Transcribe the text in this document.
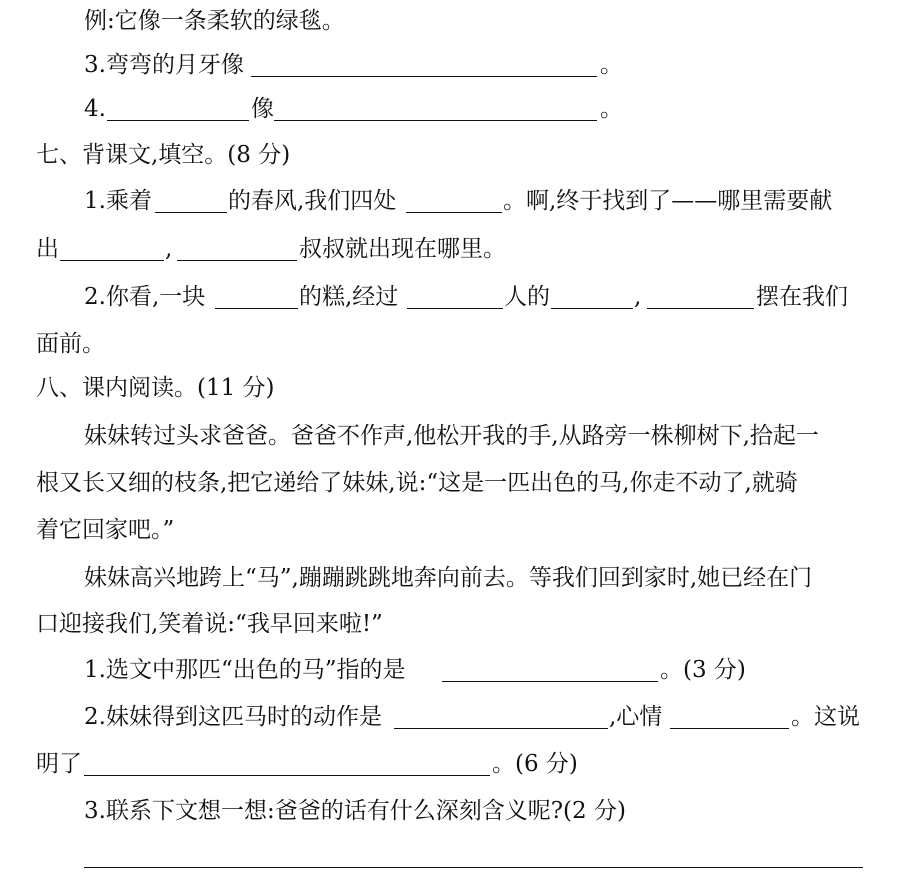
例:它像一条柔软的绿毯。
3.弯弯的月牙像	。
4.	像	。
七、背课文,填空。(8 分)
1.乘着	的春风,我们四处	。啊,终于找到了——哪里需要献
出	,	叔叔就出现在哪里。
2.你看,一块	的糕,经过	人的	,	摆在我们
面前。
八、课内阅读。(11 分)
妹妹转过头求爸爸。爸爸不作声,他松开我的手,从路旁一株柳树下,拾起一
根又长又细的枝条,把它递给了妹妹,说:“这是一匹出色的马,你走不动了,就骑
着它回家吧。”
妹妹高兴地跨上“马”,蹦蹦跳跳地奔向前去。等我们回到家时,她已经在门
口迎接我们,笑着说:“我早回来啦!”
1.选文中那匹“出色的马”指的是	。(3 分)
2.妹妹得到这匹马时的动作是	,心情	。这说
明了	。(6 分)
3.联系下文想一想:爸爸的话有什么深刻含义呢?(2 分)
